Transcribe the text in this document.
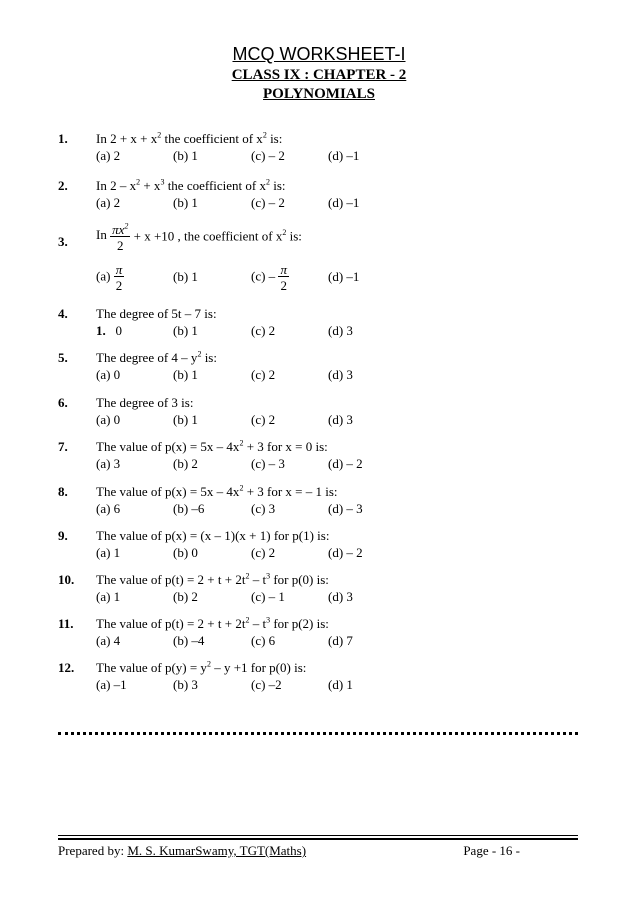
MCQ WORKSHEET-I
CLASS IX : CHAPTER - 2
POLYNOMIALS
1. In $2 + x + x^2$ the coefficient of $x^2$ is:
(a) 2	(b) 1	(c) – 2	(d) –1
2. In $2 - x^2 + x^3$ the coefficient of $x^2$ is:
(a) 2	(b) 1	(c) – 2	(d) –1
3. In $\frac{\pi x^2}{2} + x +10$ , the coefficient of $x^2$ is:
$(a) \frac{\pi}{2}$	(b) 1	$(c) - \frac{\pi}{2}$	(d) –1
4. The degree of 5t – 7 is:
1. 0	(b) 1	(c) 2	(d) 3
5. The degree of $4 - y^2$ is:
(a) 0	(b) 1	(c) 2	(d) 3
6. The degree of 3 is:
(a) 0	(b) 1	(c) 2	(d) 3
7. The value of $p(x) = 5x - 4x^2 + 3$ for x = 0 is:
(a) 3	(b) 2	(c) – 3	(d) – 2
8. The value of $p(x) = 5x - 4x^2 + 3$ for x = – 1 is:
(a) 6	(b) –6	(c) 3	(d) – 3
9. The value of p(x) = (x – 1)(x + 1) for p(1) is:
(a) 1	(b) 0	(c) 2	(d) – 2
10. The value of $p(t) = 2 + t + 2t^2 - t^3$ for p(0) is:
(a) 1	(b) 2	(c) – 1	(d) 3
11. The value of $p(t) = 2 + t + 2t^2 - t^3$ for p(2) is:
(a) 4	(b) –4	(c) 6	(d) 7
12. The value of $p(y) = y^2 - y +1$ for p(0) is:
(a) –1	(b) 3	(c) –2	(d) 1
Prepared by: M. S. KumarSwamy, TGT(Maths)	Page - 16 -
